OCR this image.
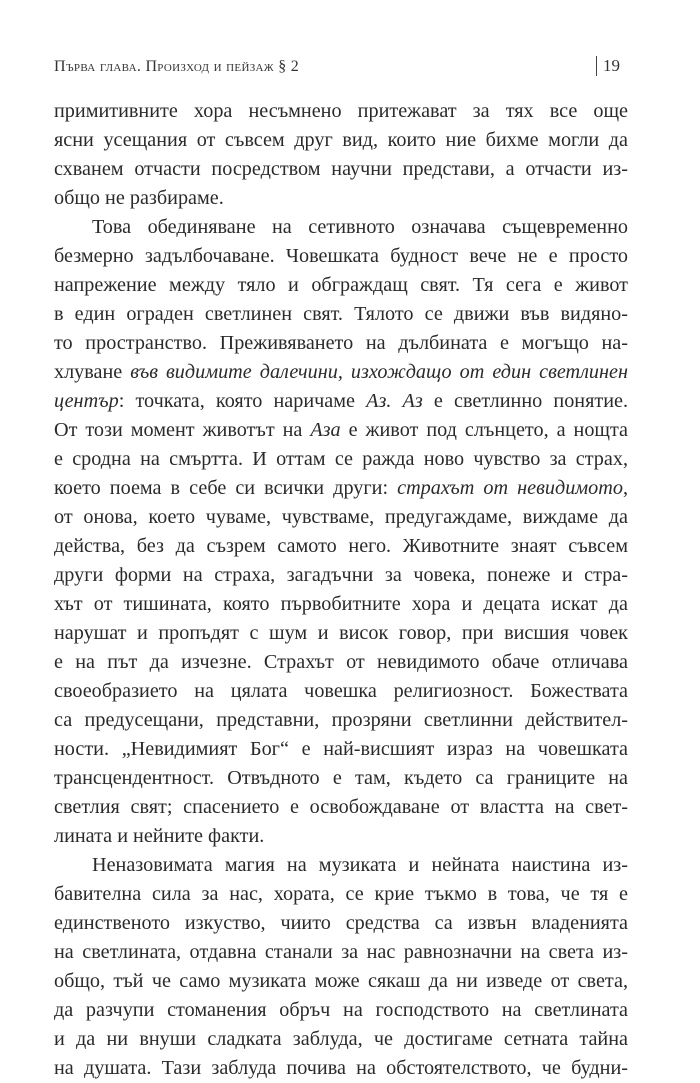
Първа глава. Произход и пейзаж § 2	19
примитивните хора несъмнено притежават за тях все още
ясни усещания от съвсем друг вид, които ние бихме могли да
схванем отчасти посредством научни представи, а отчасти из-
общо не разбираме.
Това обединяване на сетивното означава същевременно
безмерно задълбочаване. Човешката будност вече не е просто
напрежение между тяло и обграждащ свят. Тя сега е живот
в един ограден светлинен свят. Тялото се движи във видяно-
то пространство. Преживяването на дълбината е могъщо на-
хлуване във видимите далечини, изхождащо от един светлинен
център: точката, която наричаме Аз. Аз е светлинно понятие.
От този момент животът на Аза е живот под слънцето, а нощта
е сродна на смъртта. И оттам се ражда ново чувство за страх,
което поема в себе си всички други: страхът от невидимото,
от онова, което чуваме, чувстваме, предугаждаме, виждаме да
действа, без да съзрем самото него. Животните знаят съвсем
други форми на страха, загадъчни за човека, понеже и стра-
хът от тишината, която първобитните хора и децата искат да
нарушат и пропъдят с шум и висок говор, при висшия човек
е на път да изчезне. Страхът от невидимото обаче отличава
своеобразието на цялата човешка религиозност. Божествата
са предусещани, представни, прозряни светлинни действител-
ности. „Невидимият Бог“ е най-висшият израз на човешката
трансцендентност. Отвъдното е там, където са границите на
светлия свят; спасението е освобождаване от властта на свет-
лината и нейните факти.
Неназовимата магия на музиката и нейната наистина из-
бавителна сила за нас, хората, се крие тъкмо в това, че тя е
единственото изкуство, чиито средства са извън владенията
на светлината, отдавна станали за нас равнозначни на света из-
общо, тъй че само музиката може сякаш да ни изведе от света,
да разчупи стоманения обръч на господството на светлината
и да ни внуши сладката заблуда, че достигаме сетната тайна
на душата. Тази заблуда почива на обстоятелството, че будни-
